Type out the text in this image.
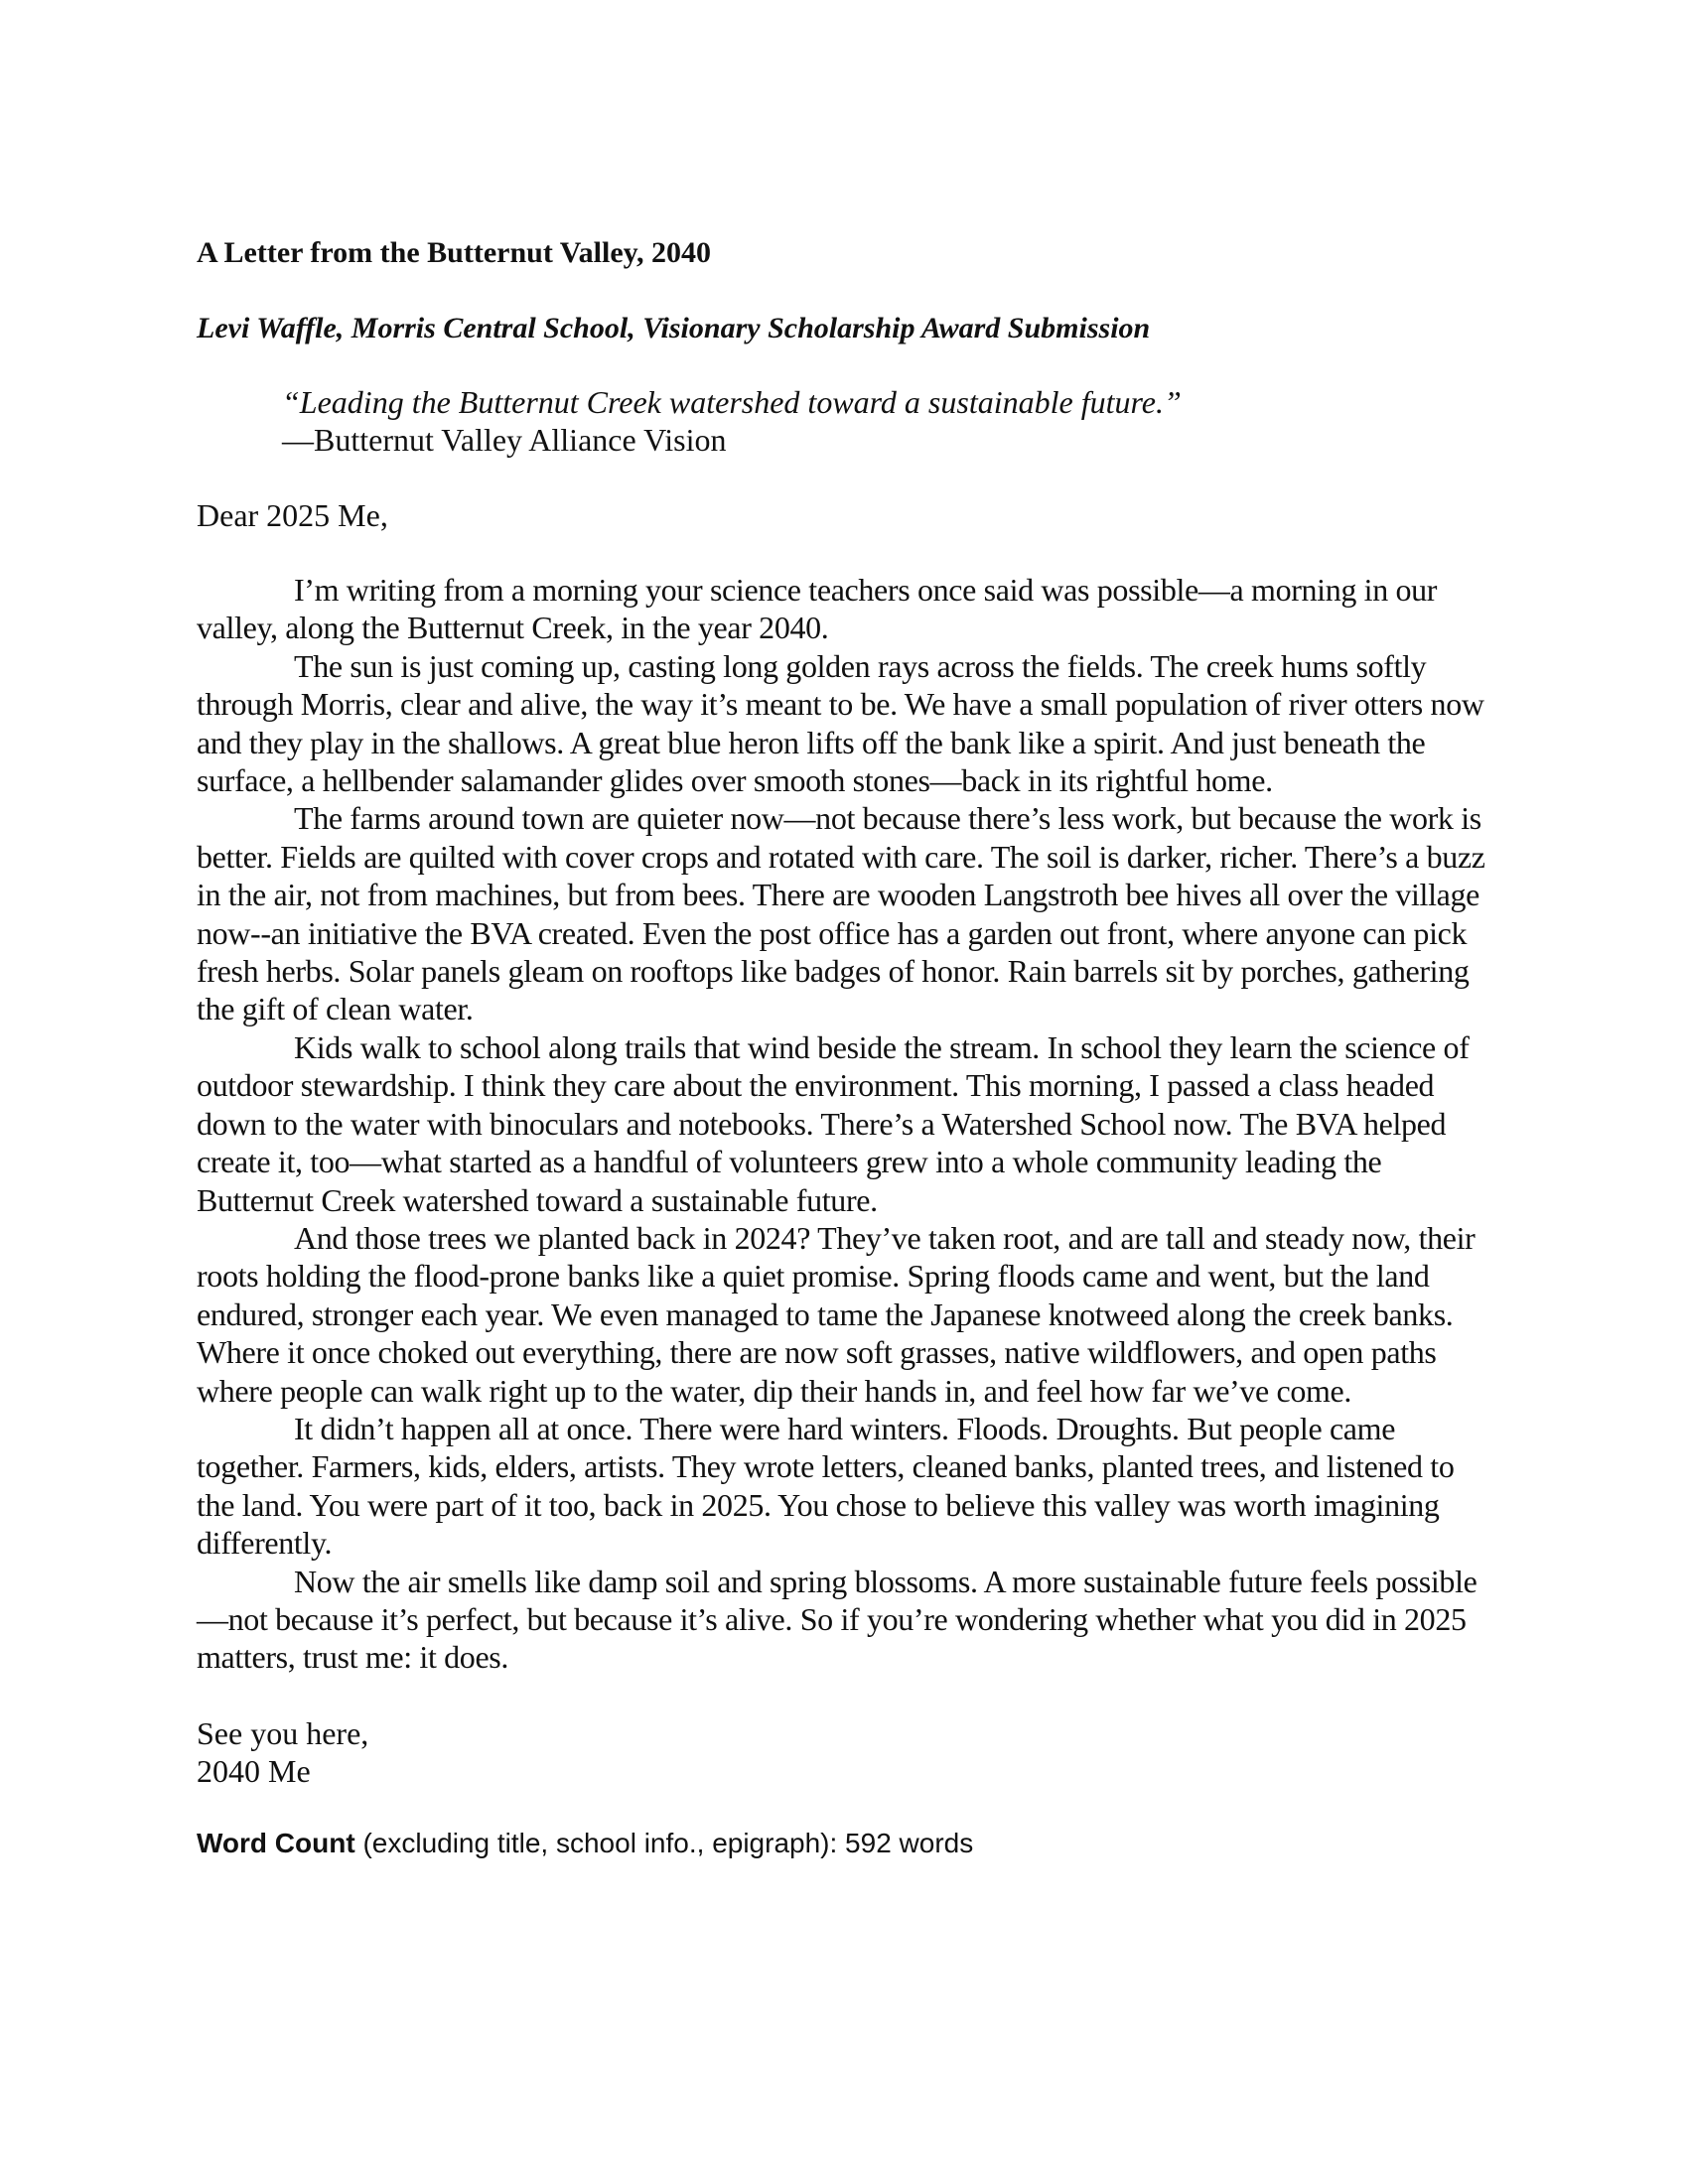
A Letter from the Butternut Valley, 2040

Levi Waffle, Morris Central School, Visionary Scholarship Award Submission

“Leading the Butternut Creek watershed toward a sustainable future.”
—Butternut Valley Alliance Vision

Dear 2025 Me,

I’m writing from a morning your science teachers once said was possible—a morning in our valley, along the Butternut Creek, in the year 2040.

The sun is just coming up, casting long golden rays across the fields. The creek hums softly through Morris, clear and alive, the way it’s meant to be. We have a small population of river otters now and they play in the shallows. A great blue heron lifts off the bank like a spirit. And just beneath the surface, a hellbender salamander glides over smooth stones—back in its rightful home.

The farms around town are quieter now—not because there’s less work, but because the work is better. Fields are quilted with cover crops and rotated with care. The soil is darker, richer. There’s a buzz in the air, not from machines, but from bees. There are wooden Langstroth bee hives all over the village now--an initiative the BVA created. Even the post office has a garden out front, where anyone can pick fresh herbs. Solar panels gleam on rooftops like badges of honor. Rain barrels sit by porches, gathering the gift of clean water.

Kids walk to school along trails that wind beside the stream. In school they learn the science of outdoor stewardship. I think they care about the environment. This morning, I passed a class headed down to the water with binoculars and notebooks. There’s a Watershed School now. The BVA helped create it, too—what started as a handful of volunteers grew into a whole community leading the Butternut Creek watershed toward a sustainable future.

And those trees we planted back in 2024? They’ve taken root, and are tall and steady now, their roots holding the flood-prone banks like a quiet promise. Spring floods came and went, but the land endured, stronger each year. We even managed to tame the Japanese knotweed along the creek banks. Where it once choked out everything, there are now soft grasses, native wildflowers, and open paths where people can walk right up to the water, dip their hands in, and feel how far we’ve come.

It didn’t happen all at once. There were hard winters. Floods. Droughts. But people came together. Farmers, kids, elders, artists. They wrote letters, cleaned banks, planted trees, and listened to the land. You were part of it too, back in 2025. You chose to believe this valley was worth imagining differently.

Now the air smells like damp soil and spring blossoms. A more sustainable future feels possible—not because it’s perfect, but because it’s alive. So if you’re wondering whether what you did in 2025 matters, trust me: it does.

See you here,
2040 Me

Word Count (excluding title, school info., epigraph): 592 words
